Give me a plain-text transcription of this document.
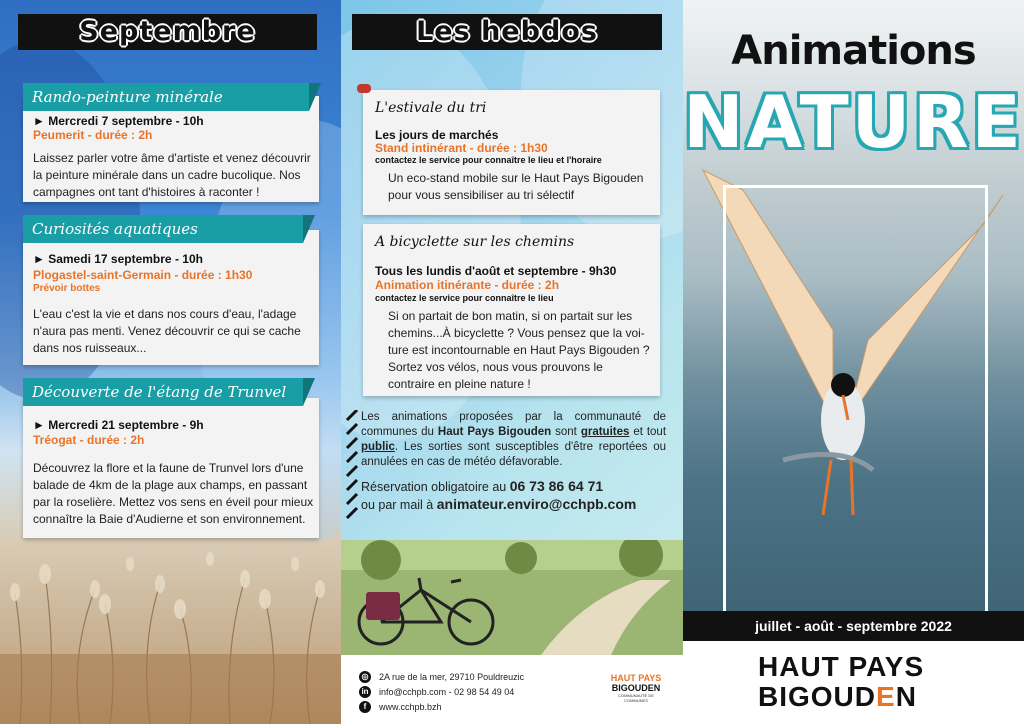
Septembre
► Mercredi 7 septembre - 10h
Peumerit - durée : 2h
Laissez parler votre âme d'artiste et venez découvrir
la peinture minérale dans un cadre bucolique. Nos
campagnes ont tant d'histoires à raconter !
Rando-peinture minérale
► Samedi 17 septembre - 10h
Plogastel-saint-Germain - durée : 1h30
Prévoir bottes
L'eau c'est la vie et dans nos cours d'eau, l'adage
n'aura pas menti. Venez découvrir ce qui se cache
dans nos ruisseaux...
Curiosités aquatiques
► Mercredi 21 septembre - 9h
Tréogat - durée : 2h
Découvrez la flore et la faune de Trunvel lors d'une
balade de 4km de la plage aux champs, en passant
par la roselière. Mettez vos sens en éveil pour mieux
connaître la Baie d'Audierne et son environnement.
Découverte de l'étang de Trunvel
Les hebdos
L'estivale du tri
Les jours de marchés
Stand intinérant - durée : 1h30
contactez le service pour connaître le lieu et l'horaire
Un eco-stand mobile sur le Haut Pays Bigouden
pour vous sensibiliser au tri sélectif
A bicyclette sur les chemins
Tous les lundis d'août et septembre - 9h30
Animation itinérante - durée : 2h
contactez le service pour connaître le lieu
Si on partait de bon matin, si on partait sur les
chemins...À bicyclette ? Vous pensez que la voi-
ture est incontournable en Haut Pays Bigouden ?
Sortez vos vélos, nous vous prouvons le
contraire en pleine nature !
Les animations proposées par la communauté de communes du Haut Pays Bigouden sont gratuites et tout public. Les sorties sont susceptibles d'être reportées ou annulées en cas de météo défavorable.
Réservation obligatoire au 06 73 86 64 71
ou par mail à animateur.enviro@cchpb.com
◎ 2A rue de la mer, 29710 Pouldreuzic
in info@cchpb.com - 02 98 54 49 04
f	www.cchpb.bzh
HAUT PAYS
BIGOUDEN
COMMUNAUTÉ DE COMMUNES
Animations
NATURE
juillet - août - septembre 2022
HAUT PAYS
BIGOUDEN
